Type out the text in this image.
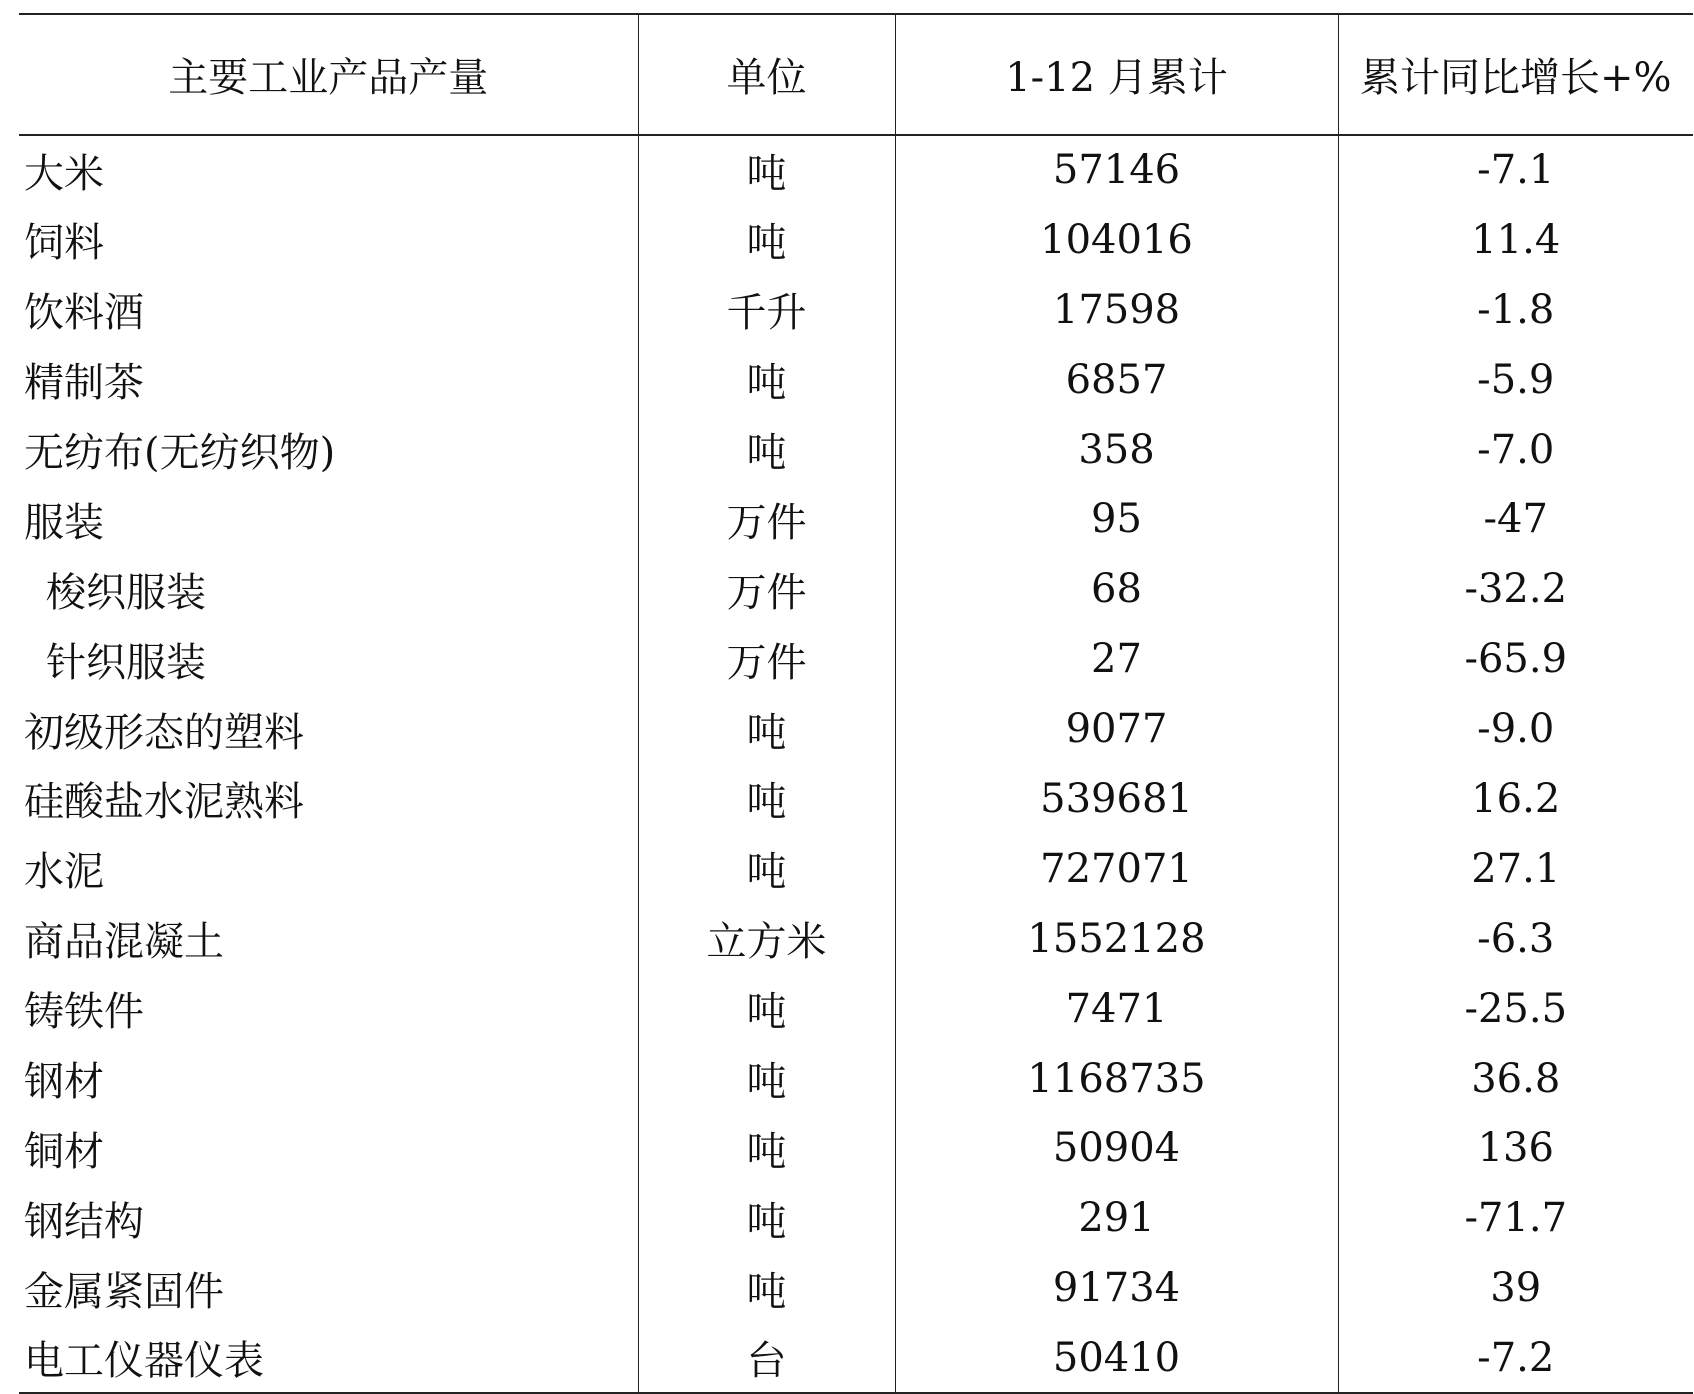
主要工业产品产量	单位	1-12 月累计	累计同比增长+%
大米	吨	57146	-7.1
饲料	吨	104016	11.4
饮料酒	千升	17598	-1.8
精制茶	吨	6857	-5.9
无纺布(无纺织物)	吨	358	-7.0
服装	万件	95	-47
梭织服装	万件	68	-32.2
针织服装	万件	27	-65.9
初级形态的塑料	吨	9077	-9.0
硅酸盐水泥熟料	吨	539681	16.2
水泥	吨	727071	27.1
商品混凝土	立方米	1552128	-6.3
铸铁件	吨	7471	-25.5
钢材	吨	1168735	36.8
铜材	吨	50904	136
钢结构	吨	291	-71.7
金属紧固件	吨	91734	39
电工仪器仪表	台	50410	-7.2
